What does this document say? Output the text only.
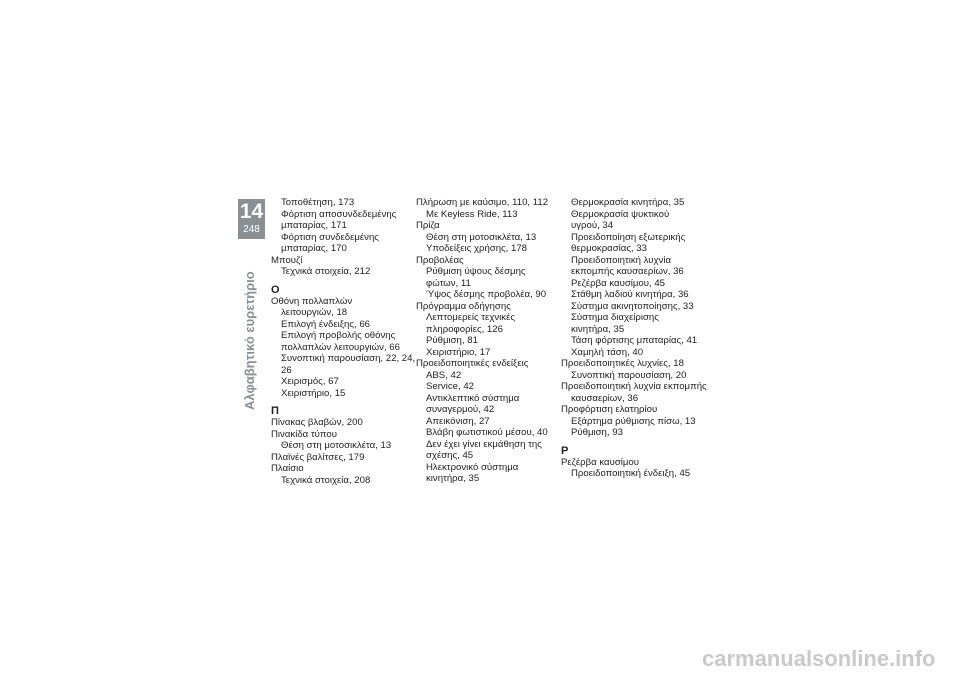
14
248
Αλφαβητικό ευρετήριο
Τοποθέτηση, 173
Φόρτιση αποσυνδεδεμένης
μπαταρίας, 171
Φόρτιση συνδεδεμένης
μπαταρίας, 170
Μπουζί
Τεχνικά στοιχεία, 212
Ο
Οθόνη πολλαπλών
λειτουργιών, 18
Επιλογή ένδειξης, 66
Επιλογή προβολής οθόνης
πολλαπλών λειτουργιών, 66
Συνοπτική παρουσίαση, 22, 24,
26
Χειρισμός, 67
Χειριστήριο, 15
Π
Πίνακας βλαβών, 200
Πινακίδα τύπου
Θέση στη μοτοσικλέτα, 13
Πλαϊνές βαλίτσες, 179
Πλαίσιο
Τεχνικά στοιχεία, 208
Πλήρωση με καύσιμο, 110, 112
Με Keyless Ride, 113
Πρίζα
Θέση στη μοτοσικλέτα, 13
Υποδείξεις χρήσης, 178
Προβολέας
Ρύθμιση ύψους δέσμης
φώτων, 11
Ύψος δέσμης προβολέα, 90
Πρόγραμμα οδήγησης
Λεπτομερείς τεχνικές
πληροφορίες, 126
Ρύθμιση, 81
Χειριστήριο, 17
Προειδοποιητικές ενδείξεις
ABS, 42
Service, 42
Αντικλεπτικό σύστημα
συναγερμού, 42
Απεικόνιση, 27
Βλάβη φωτιστικού μέσου, 40
Δεν έχει γίνει εκμάθηση της
σχέσης, 45
Ηλεκτρονικό σύστημα
κινητήρα, 35
Θερμοκρασία κινητήρα, 35
Θερμοκρασία ψυκτικού
υγρού, 34
Προειδοποίηση εξωτερικής
θερμοκρασίας, 33
Προειδοποιητική λυχνία
εκπομπής καυσαερίων, 36
Ρεζέρβα καυσίμου, 45
Στάθμη λαδιού κινητήρα, 36
Σύστημα ακινητοποίησης, 33
Σύστημα διαχείρισης
κινητήρα, 35
Τάση φόρτισης μπαταρίας, 41
Χαμηλή τάση, 40
Προειδοποιητικές λυχνίες, 18
Συνοπτική παρουσίαση, 20
Προειδοποιητική λυχνία εκπομπής
καυσαερίων, 36
Προφόρτιση ελατηρίου
Εξάρτημα ρύθμισης πίσω, 13
Ρύθμιση, 93
Ρ
Ρεζέρβα καυσίμου
Προειδοποιητική ένδειξη, 45
carmanualsonline.info
